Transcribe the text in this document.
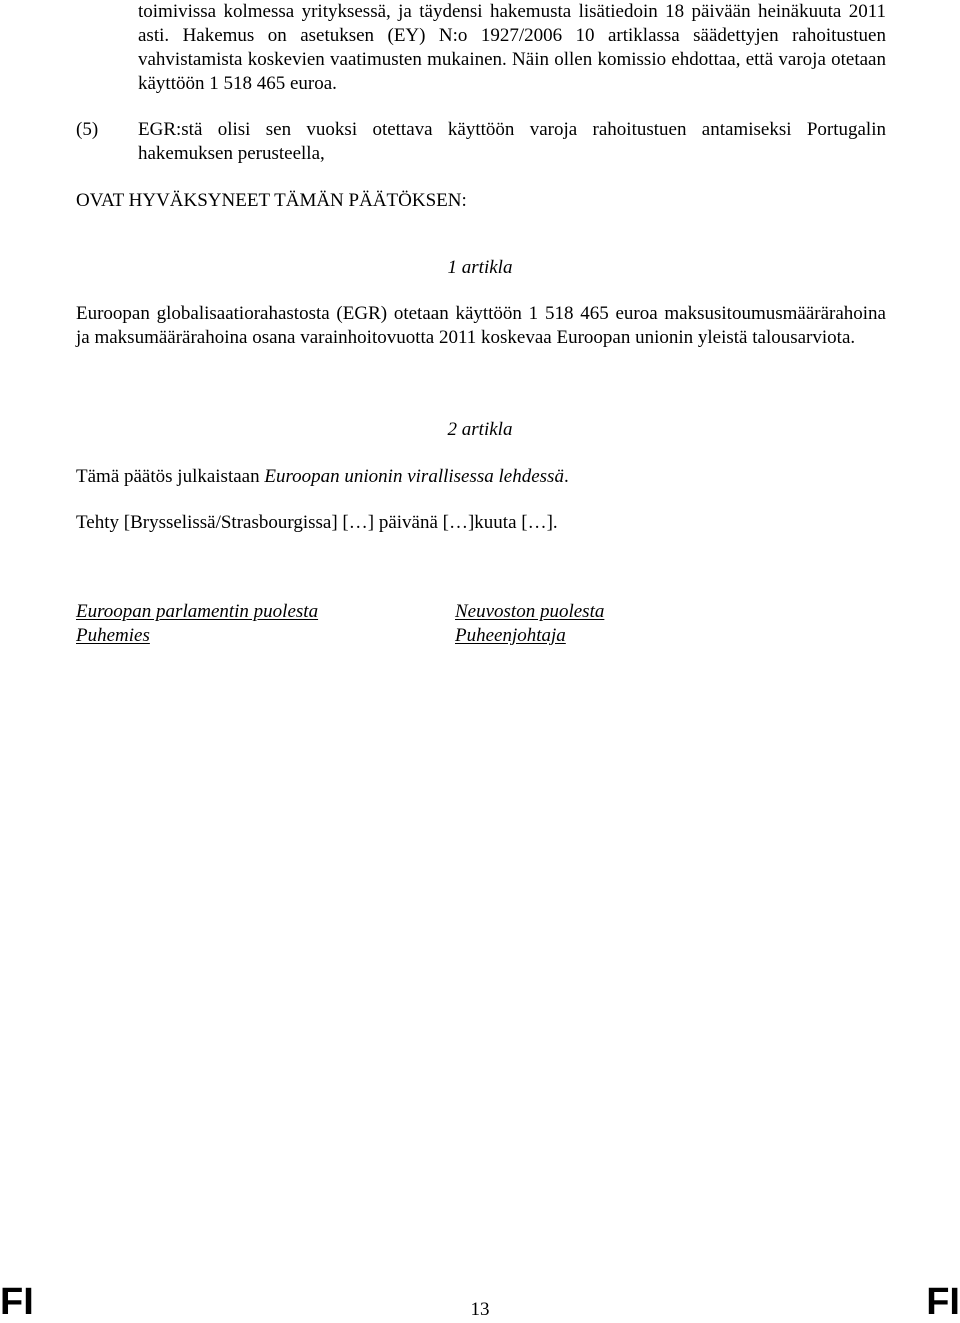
toimivissa kolmessa yrityksessä, ja täydensi hakemusta lisätiedoin 18 päivään heinäkuuta 2011 asti. Hakemus on asetuksen (EY) N:o 1927/2006 10 artiklassa säädettyjen rahoitustuen vahvistamista koskevien vaatimusten mukainen. Näin ollen komissio ehdottaa, että varoja otetaan käyttöön 1 518 465 euroa.
(5) EGR:stä olisi sen vuoksi otettava käyttöön varoja rahoitustuen antamiseksi Portugalin hakemuksen perusteella,
OVAT HYVÄKSYNEET TÄMÄN PÄÄTÖKSEN:
1 artikla
Euroopan globalisaatiorahastosta (EGR) otetaan käyttöön 1 518 465 euroa maksusitoumusmäärärahoina ja maksumäärärahoina osana varainhoitovuotta 2011 koskevaa Euroopan unionin yleistä talousarviota.
2 artikla
Tämä päätös julkaistaan Euroopan unionin virallisessa lehdessä.
Tehty [Brysselissä/Strasbourgissa] […] päivänä […]kuuta […].
Euroopan parlamentin puolesta
Puhemies
Neuvoston puolesta
Puheenjohtaja
FI	13	FI
